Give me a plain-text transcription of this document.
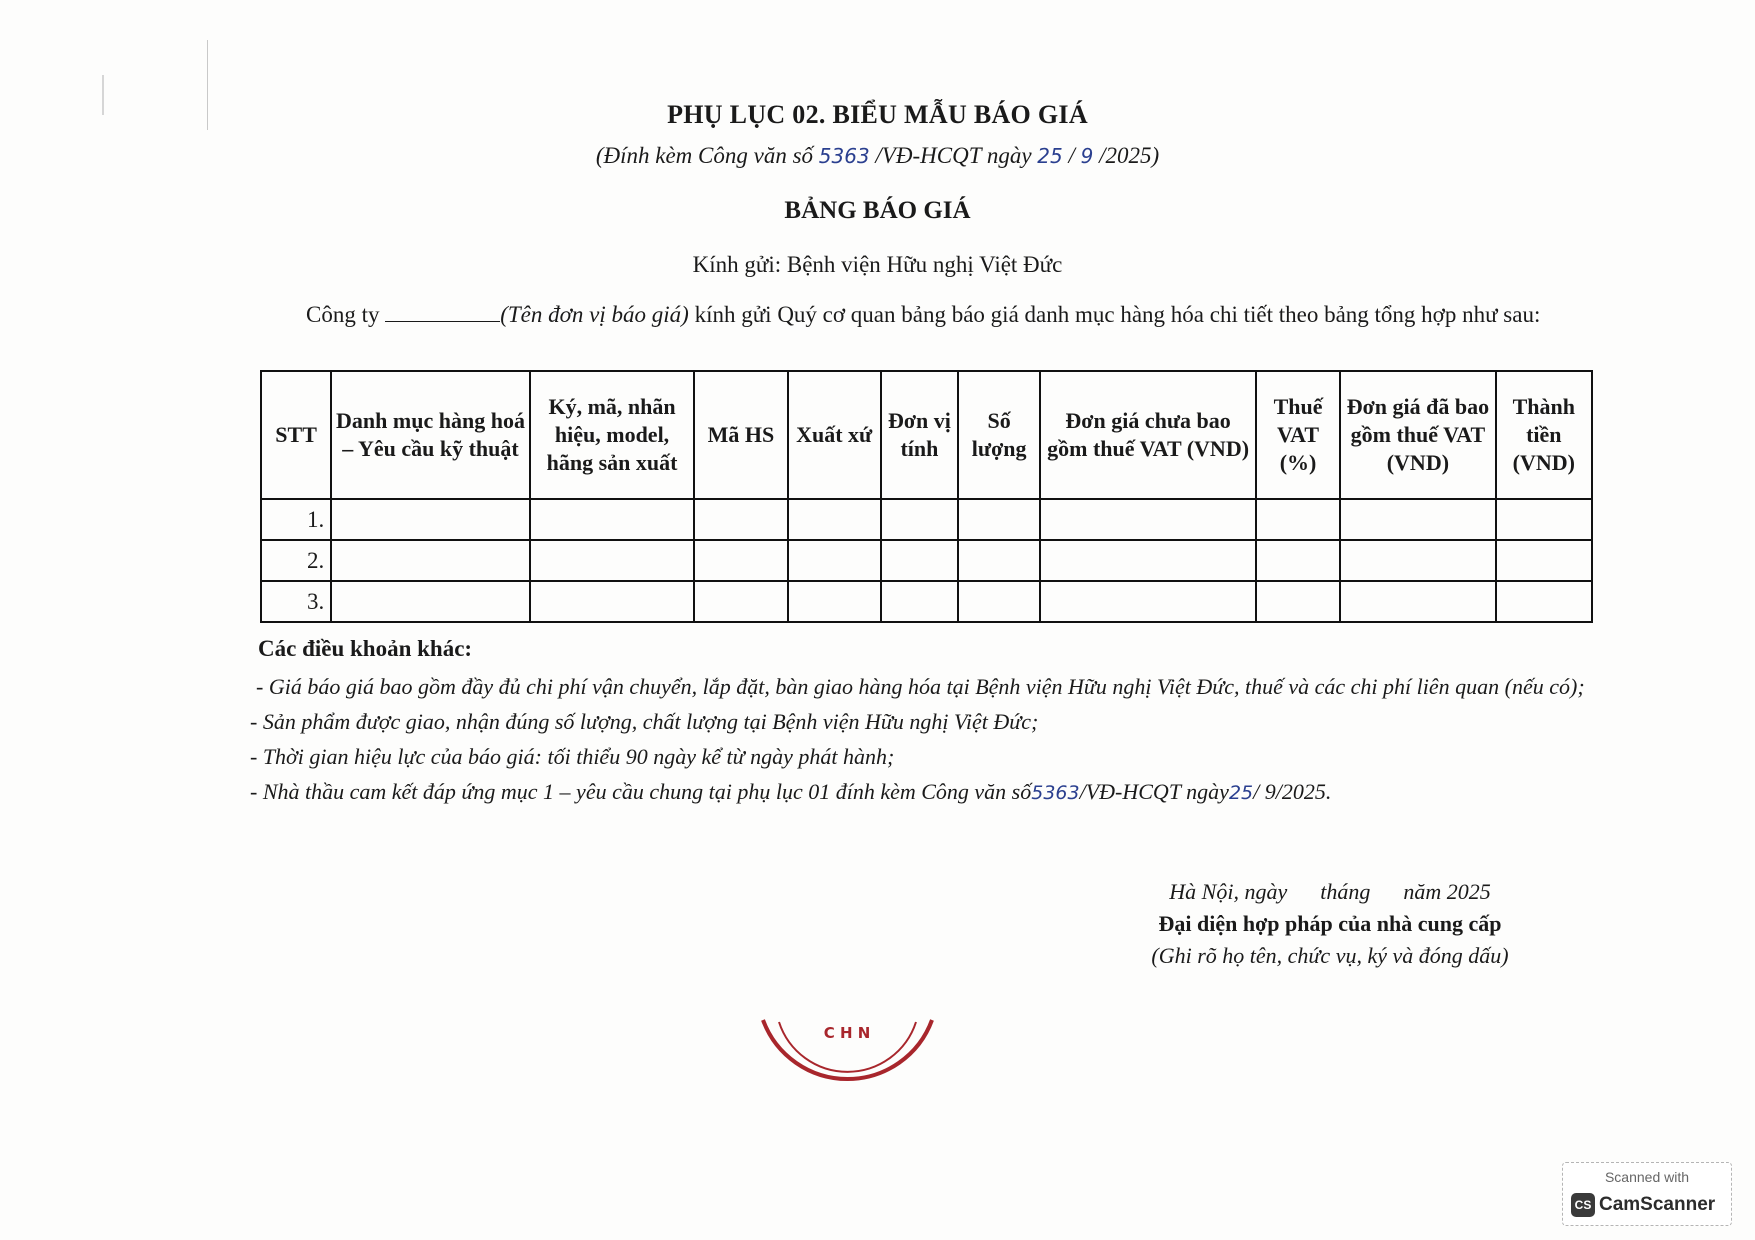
PHỤ LỤC 02. BIỂU MẪU BÁO GIÁ
(Đính kèm Công văn số 5363 /VĐ-HCQT ngày 25 / 9 /2025)
BẢNG BÁO GIÁ
Kính gửi: Bệnh viện Hữu nghị Việt Đức
Công ty	(Tên đơn vị báo giá) kính gửi Quý cơ quan bảng báo giá danh mục hàng hóa chi tiết theo bảng tổng hợp như sau:
STT	Danh mục hàng hoá – Yêu cầu kỹ thuật	Ký, mã, nhãn hiệu, model, hãng sản xuất	Mã HS	Xuất xứ	Đơn vị tính	Số lượng	Đơn giá chưa bao gồm thuế VAT (VND)	Thuế VAT (%)	Đơn giá đã bao gồm thuế VAT (VND)	Thành tiền (VND)
1.										
2.										
3.										
Các điều khoản khác:

- Giá báo giá bao gồm đầy đủ chi phí vận chuyển, lắp đặt, bàn giao hàng hóa tại Bệnh viện Hữu nghị Việt Đức, thuế và các chi phí liên quan (nếu có);

- Sản phẩm được giao, nhận đúng số lượng, chất lượng tại Bệnh viện Hữu nghị Việt Đức;

- Thời gian hiệu lực của báo giá: tối thiểu 90 ngày kể từ ngày phát hành;

- Nhà thầu cam kết đáp ứng mục 1 – yêu cầu chung tại phụ lục 01 đính kèm Công văn số5363/VĐ-HCQT ngày25/ 9/2025.

Hà Nội, ngày      tháng      năm 2025
Đại diện hợp pháp của nhà cung cấp
(Ghi rõ họ tên, chức vụ, ký và đóng dấu)
C H N
Scanned with
CS CamScanner
